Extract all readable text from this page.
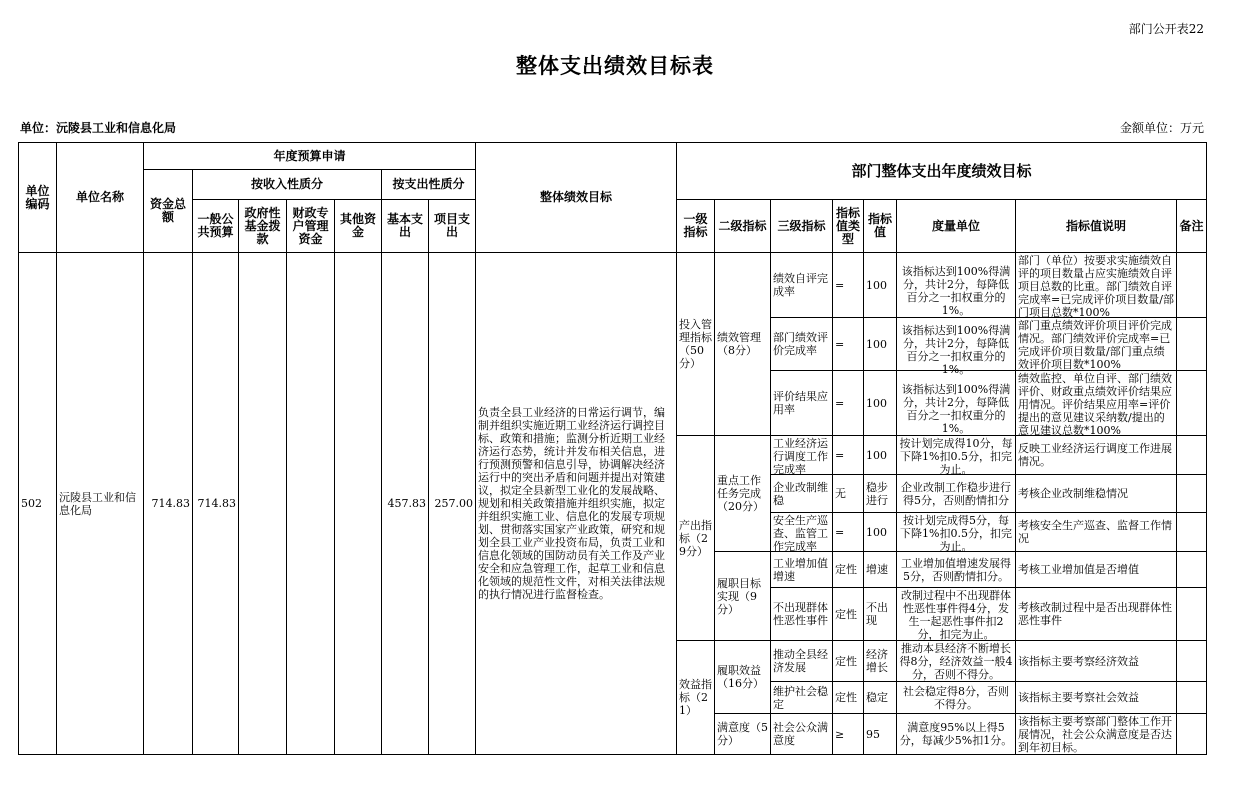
部门公开表22
整体支出绩效目标表
单位：沅陵县工业和信息化局	金额单位：万元
单位编码	单位名称	年度预算申请							整体绩效目标	部门整体支出年度绩效目标							
		资金总额	按收入性质分				按支出性质分										
			一般公共预算	政府性基金拨款	财政专户管理资金	其他资金	基本支出	项目支出		一级指标	二级指标	三级指标	指标值类型	指标值	度量单位	指标值说明	备注
502	沅陵县工业和信息化局	714.83	714.83				457.83	257.00	负责全县工业经济的日常运行调节，编制并组织实施近期工业经济运行调控目标、政策和措施；监测分析近期工业经济运行态势，统计并发布相关信息，进行预测预警和信息引导，协调解决经济运行中的突出矛盾和问题并提出对策建议，拟定全县新型工业化的发展战略、规划和相关政策措施并组织实施，拟定并组织实施工业、信息化的发展专项规划、贯彻落实国家产业政策，研究和规划全县工业产业投资布局，负责工业和信息化领域的国防动员有关工作及产业安全和应急管理工作，起草工业和信息化领域的规范性文件，对相关法律法规的执行情况进行监督检查。	投入管理指标（50分）	绩效管理（8分）	绩效自评完成率	=	100	该指标达到100%得满分，共计2分，每降低百分之一扣权重分的1%。	部门（单位）按要求实施绩效自评的项目数量占应实施绩效自评项目总数的比重。部门绩效自评完成率=已完成评价项目数量/部门项目总数*100%	

												部门绩效评价完成率	=	100	该指标达到100%得满分，共计2分，每降低百分之一扣权重分的1%。	部门重点绩效评价项目评价完成情况。部门绩效评价完成率=已完成评价项目数量/部门重点绩效评价项目数*100%	

												评价结果应用率	=	100	该指标达到100%得满分，共计2分，每降低百分之一扣权重分的1%。	绩效监控、单位自评、部门绩效评价、财政重点绩效评价结果应用情况。评价结果应用率=评价提出的意见建议采纳数/提出的意见建议总数*100%	

										产出指标（29分）	重点工作任务完成（20分）	工业经济运行调度工作完成率	=	100	按计划完成得10分，每下降1%扣0.5分，扣完为止。	反映工业经济运行调度工作进展情况。	
												企业改制维稳	无	稳步进行	企业改制工作稳步进行得5分，否则酌情扣分	考核企业改制维稳情况	

												安全生产巡查、监管工作完成率	=	100	按计划完成得5分，每下降1%扣0.5分，扣完为止。	考核安全生产巡查、监督工作情况	
											履职目标实现（9分）	工业增加值增速	定性	增速	工业增加值增速发展得5分，否则酌情扣分。	考核工业增加值是否增值	
												不出现群体性恶性事件	定性	不出现	改制过程中不出现群体性恶性事件得4分，发生一起恶性事件扣2分，扣完为止。	考核改制过程中是否出现群体性恶性事件	
										效益指标（21）	履职效益（16分）	推动全县经济发展	定性	经济增长	推动本县经济不断增长得8分，经济效益一般4分，否则不得分。	该指标主要考察经济效益	
												维护社会稳定	定性	稳定	社会稳定得8分，否则不得分。	该指标主要考察社会效益	
											满意度（5分）	社会公众满意度	≥	95	满意度95%以上得5分，每减少5%扣1分。	该指标主要考察部门整体工作开展情况，社会公众满意度是否达到年初目标。	
